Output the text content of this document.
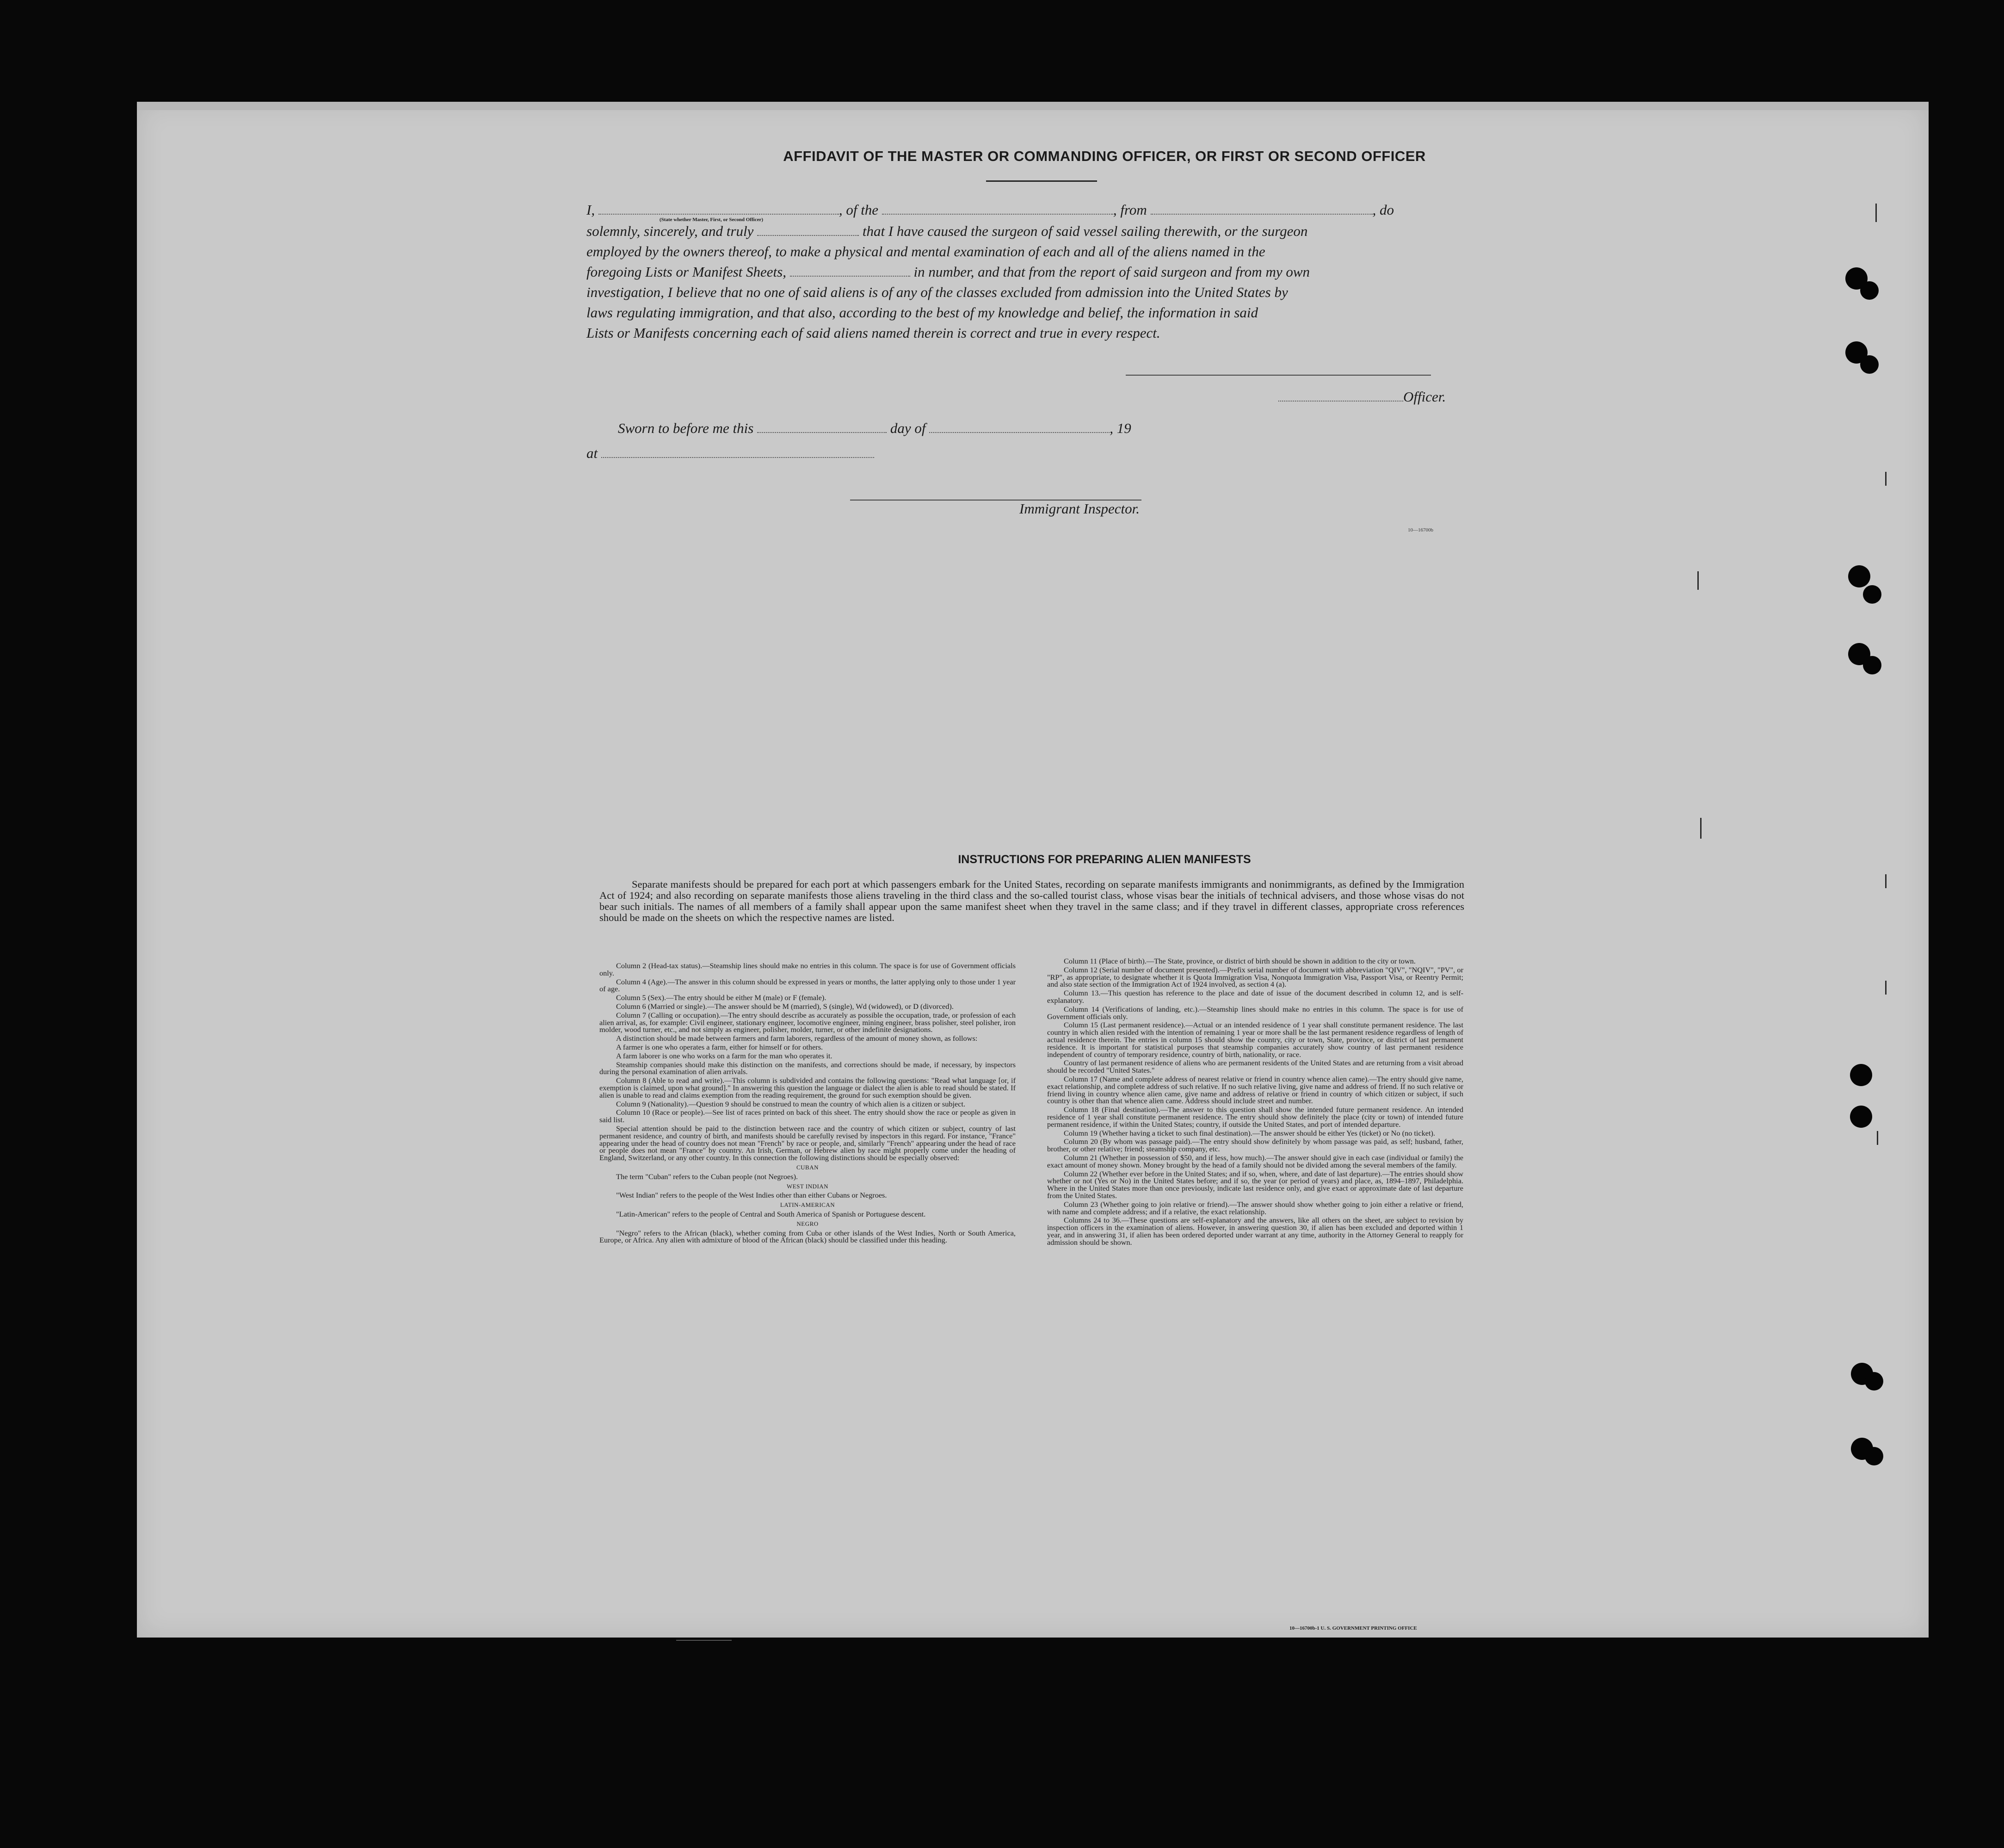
AFFIDAVIT OF THE MASTER OR COMMANDING OFFICER, OR FIRST OR SECOND OFFICER
I,	, of the	, from	, do
(State whether Master, First, or Second Officer)
solemnly, sincerely, and truly	that I have caused the surgeon of said vessel sailing therewith, or the surgeon
employed by the owners thereof, to make a physical and mental examination of each and all of the aliens named in the
foregoing Lists or Manifest Sheets,	in number, and that from the report of said surgeon and from my own
investigation, I believe that no one of said aliens is of any of the classes excluded from admission into the United States by
laws regulating immigration, and that also, according to the best of my knowledge and belief, the information in said
Lists or Manifests concerning each of said aliens named therein is correct and true in every respect.
Officer.
Sworn to before me this	day of	, 19
at
Immigrant Inspector.
10—16700b
INSTRUCTIONS FOR PREPARING ALIEN MANIFESTS
Separate manifests should be prepared for each port at which passengers embark for the United States, recording on separate manifests immigrants and nonimmigrants, as defined by the Immigration Act of 1924; and also recording on separate manifests those aliens traveling in the third class and the so-called tourist class, whose visas bear the initials of technical advisers, and those whose visas do not bear such initials. The names of all members of a family shall appear upon the same manifest sheet when they travel in the same class; and if they travel in different classes, appropriate cross references should be made on the sheets on which the respective names are listed.

Column 2 (Head-tax status).—Steamship lines should make no entries in this column. The space is for use of Government officials only.

Column 4 (Age).—The answer in this column should be expressed in years or months, the latter applying only to those under 1 year of age.

Column 5 (Sex).—The entry should be either M (male) or F (female).

Column 6 (Married or single).—The answer should be M (married), S (single), Wd (widowed), or D (divorced).

Column 7 (Calling or occupation).—The entry should describe as accurately as possible the occupation, trade, or profession of each alien arrival, as, for example: Civil engineer, stationary engineer, locomotive engineer, mining engineer, brass polisher, steel polisher, iron molder, wood turner, etc., and not simply as engineer, polisher, molder, turner, or other indefinite designations.

A distinction should be made between farmers and farm laborers, regardless of the amount of money shown, as follows:

A farmer is one who operates a farm, either for himself or for others.

A farm laborer is one who works on a farm for the man who operates it.

Steamship companies should make this distinction on the manifests, and corrections should be made, if necessary, by inspectors during the personal examination of alien arrivals.

Column 8 (Able to read and write).—This column is subdivided and contains the following questions: "Read what language [or, if exemption is claimed, upon what ground]." In answering this question the language or dialect the alien is able to read should be stated. If alien is unable to read and claims exemption from the reading requirement, the ground for such exemption should be given.

Column 9 (Nationality).—Question 9 should be construed to mean the country of which alien is a citizen or subject.

Column 10 (Race or people).—See list of races printed on back of this sheet. The entry should show the race or people as given in said list.

Special attention should be paid to the distinction between race and the country of which citizen or subject, country of last permanent residence, and country of birth, and manifests should be carefully revised by inspectors in this regard. For instance, "France" appearing under the head of country does not mean "French" by race or people, and, similarly "French" appearing under the head of race or people does not mean "France" by country. An Irish, German, or Hebrew alien by race might properly come under the heading of England, Switzerland, or any other country. In this connection the following distinctions should be especially observed:

CUBAN

The term "Cuban" refers to the Cuban people (not Negroes).

WEST INDIAN

"West Indian" refers to the people of the West Indies other than either Cubans or Negroes.

LATIN-AMERICAN

"Latin-American" refers to the people of Central and South America of Spanish or Portuguese descent.

NEGRO

"Negro" refers to the African (black), whether coming from Cuba or other islands of the West Indies, North or South America, Europe, or Africa. Any alien with admixture of blood of the African (black) should be classified under this heading.

Column 11 (Place of birth).—The State, province, or district of birth should be shown in addition to the city or town.

Column 12 (Serial number of document presented).—Prefix serial number of document with abbreviation "QIV", "NQIV", "PV", or "RP", as appropriate, to designate whether it is Quota Immigration Visa, Nonquota Immigration Visa, Passport Visa, or Reentry Permit; and also state section of the Immigration Act of 1924 involved, as section 4 (a).

Column 13.—This question has reference to the place and date of issue of the document described in column 12, and is self-explanatory.

Column 14 (Verifications of landing, etc.).—Steamship lines should make no entries in this column. The space is for use of Government officials only.

Column 15 (Last permanent residence).—Actual or an intended residence of 1 year shall constitute permanent residence. The last country in which alien resided with the intention of remaining 1 year or more shall be the last permanent residence regardless of length of actual residence therein. The entries in column 15 should show the country, city or town, State, province, or district of last permanent residence. It is important for statistical purposes that steamship companies accurately show country of last permanent residence independent of country of temporary residence, country of birth, nationality, or race.

Country of last permanent residence of aliens who are permanent residents of the United States and are returning from a visit abroad should be recorded "United States."

Column 17 (Name and complete address of nearest relative or friend in country whence alien came).—The entry should give name, exact relationship, and complete address of such relative. If no such relative living, give name and address of friend. If no such relative or friend living in country whence alien came, give name and address of relative or friend in country of which citizen or subject, if such country is other than that whence alien came. Address should include street and number.

Column 18 (Final destination).—The answer to this question shall show the intended future permanent residence. An intended residence of 1 year shall constitute permanent residence. The entry should show definitely the place (city or town) of intended future permanent residence, if within the United States; country, if outside the United States, and port of intended departure.

Column 19 (Whether having a ticket to such final destination).—The answer should be either Yes (ticket) or No (no ticket).

Column 20 (By whom was passage paid).—The entry should show definitely by whom passage was paid, as self; husband, father, brother, or other relative; friend; steamship company, etc.

Column 21 (Whether in possession of $50, and if less, how much).—The answer should give in each case (individual or family) the exact amount of money shown. Money brought by the head of a family should not be divided among the several members of the family.

Column 22 (Whether ever before in the United States; and if so, when, where, and date of last departure).—The entries should show whether or not (Yes or No) in the United States before; and if so, the year (or period of years) and place, as, 1894–1897, Philadelphia. Where in the United States more than once previously, indicate last residence only, and give exact or approximate date of last departure from the United States.

Column 23 (Whether going to join relative or friend).—The answer should show whether going to join either a relative or friend, with name and complete address; and if a relative, the exact relationship.

Columns 24 to 36.—These questions are self-explanatory and the answers, like all others on the sheet, are subject to revision by inspection officers in the examination of aliens. However, in answering question 30, if alien has been excluded and deported within 1 year, and in answering 31, if alien has been ordered deported under warrant at any time, authority in the Attorney General to reapply for admission should be shown.

10—16700b-1 U. S. GOVERNMENT PRINTING OFFICE
